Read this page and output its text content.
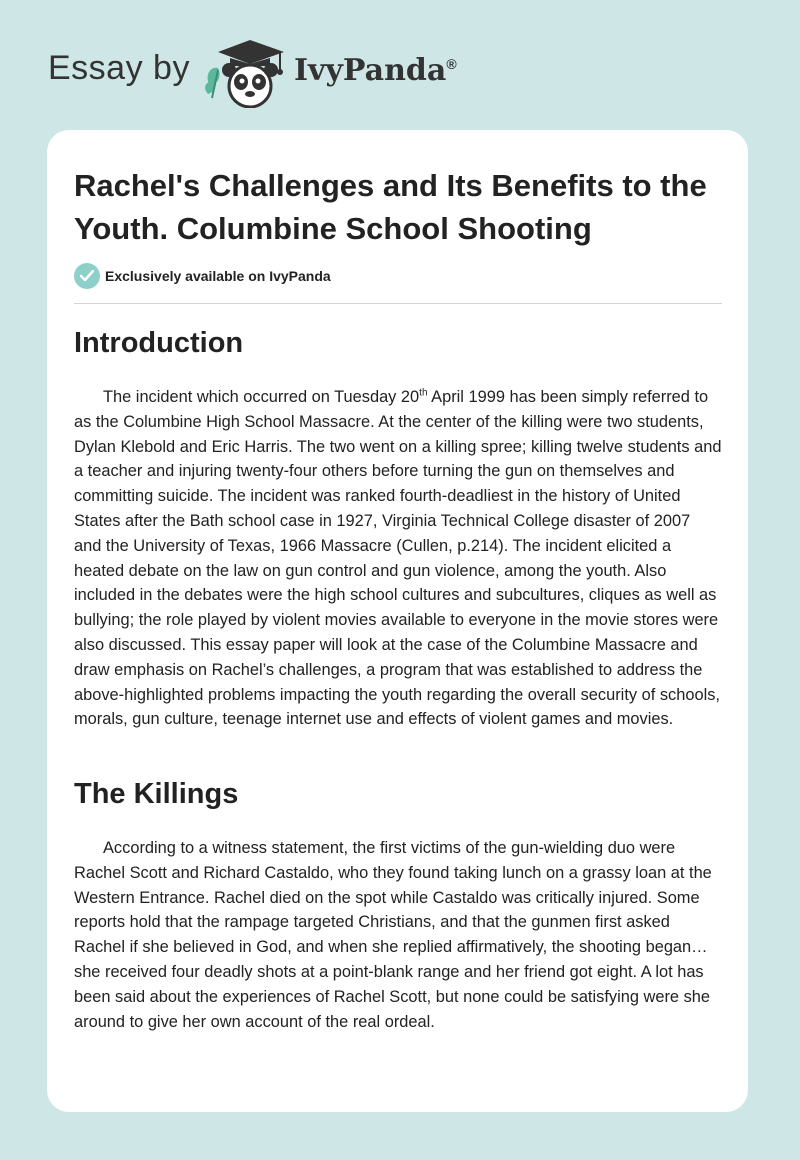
Essay by	IvyPanda®
Rachel's Challenges and Its Benefits to the Youth. Columbine School Shooting
Exclusively available on IvyPanda
Introduction

The incident which occurred on Tuesday 20th April 1999 has been simply referred to as the Columbine High School Massacre. At the center of the killing were two students, Dylan Klebold and Eric Harris. The two went on a killing spree; killing twelve students and a teacher and injuring twenty-four others before turning the gun on themselves and committing suicide. The incident was ranked fourth-deadliest in the history of United States after the Bath school case in 1927, Virginia Technical College disaster of 2007 and the University of Texas, 1966 Massacre (Cullen, p.214). The incident elicited a heated debate on the law on gun control and gun violence, among the youth. Also included in the debates were the high school cultures and subcultures, cliques as well as bullying; the role played by violent movies available to everyone in the movie stores were also discussed. This essay paper will look at the case of the Columbine Massacre and draw emphasis on Rachel’s challenges, a program that was established to address the above-highlighted problems impacting the youth regarding the overall security of schools, morals, gun culture, teenage internet use and effects of violent games and movies.

The Killings

According to a witness statement, the first victims of the gun-wielding duo were Rachel Scott and Richard Castaldo, who they found taking lunch on a grassy loan at the Western Entrance. Rachel died on the spot while Castaldo was critically injured. Some reports hold that the rampage targeted Christians, and that the gunmen first asked Rachel if she believed in God, and when she replied affirmatively, the shooting began… she received four deadly shots at a point-blank range and her friend got eight. A lot has been said about the experiences of Rachel Scott, but none could be satisfying were she around to give her own account of the real ordeal.
